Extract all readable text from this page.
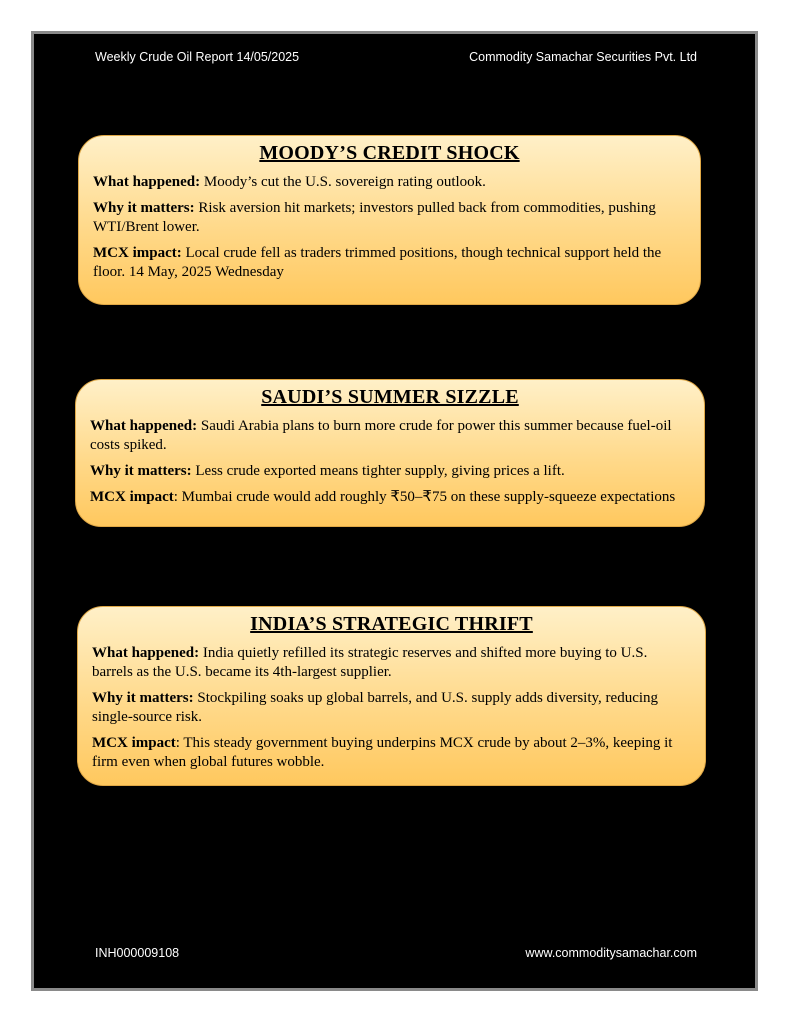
Weekly Crude Oil Report 14/05/2025	Commodity Samachar Securities Pvt. Ltd
MOODY’S CREDIT SHOCK

What happened: Moody’s cut the U.S. sovereign rating outlook.

Why it matters: Risk aversion hit markets; investors pulled back from commodities, pushing WTI/Brent lower.

MCX impact: Local crude fell as traders trimmed positions, though technical support held the floor. 14 May, 2025 Wednesday

SAUDI’S SUMMER SIZZLE

What happened: Saudi Arabia plans to burn more crude for power this summer because fuel-oil costs spiked.

Why it matters: Less crude exported means tighter supply, giving prices a lift.

MCX impact: Mumbai crude would add roughly ₹50–₹75 on these supply-squeeze expectations

INDIA’S STRATEGIC THRIFT

What happened: India quietly refilled its strategic reserves and shifted more buying to U.S. barrels as the U.S. became its 4th-largest supplier.

Why it matters: Stockpiling soaks up global barrels, and U.S. supply adds diversity, reducing single-source risk.

MCX impact: This steady government buying underpins MCX crude by about 2–3%, keeping it firm even when global futures wobble.

INH000009108	www.commoditysamachar.com
